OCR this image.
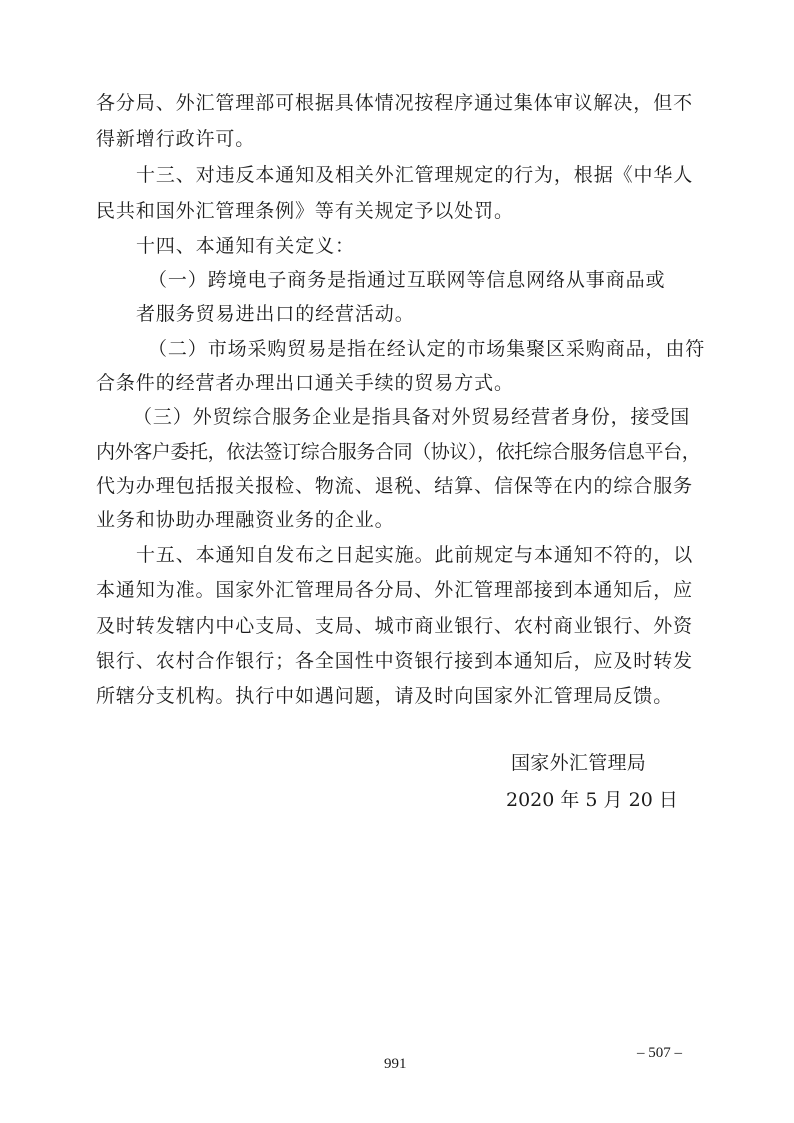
各分局、外汇管理部可根据具体情况按程序通过集体审议解决，但不
得新增行政许可。
十三、对违反本通知及相关外汇管理规定的行为，根据《中华人
民共和国外汇管理条例》等有关规定予以处罚。
十四、本通知有关定义：
（一）跨境电子商务是指通过互联网等信息网络从事商品或
者服务贸易进出口的经营活动。
（二）市场采购贸易是指在经认定的市场集聚区采购商品，由符
合条件的经营者办理出口通关手续的贸易方式。
（三）外贸综合服务企业是指具备对外贸易经营者身份，接受国
内外客户委托，依法签订综合服务合同（协议），依托综合服务信息平台，
代为办理包括报关报检、物流、退税、结算、信保等在内的综合服务
业务和协助办理融资业务的企业。
十五、本通知自发布之日起实施。此前规定与本通知不符的，以
本通知为准。国家外汇管理局各分局、外汇管理部接到本通知后，应
及时转发辖内中心支局、支局、城市商业银行、农村商业银行、外资
银行、农村合作银行；各全国性中资银行接到本通知后，应及时转发
所辖分支机构。执行中如遇问题，请及时向国家外汇管理局反馈。
国家外汇管理局
2020 年 5 月 20 日
991
– 507 –
